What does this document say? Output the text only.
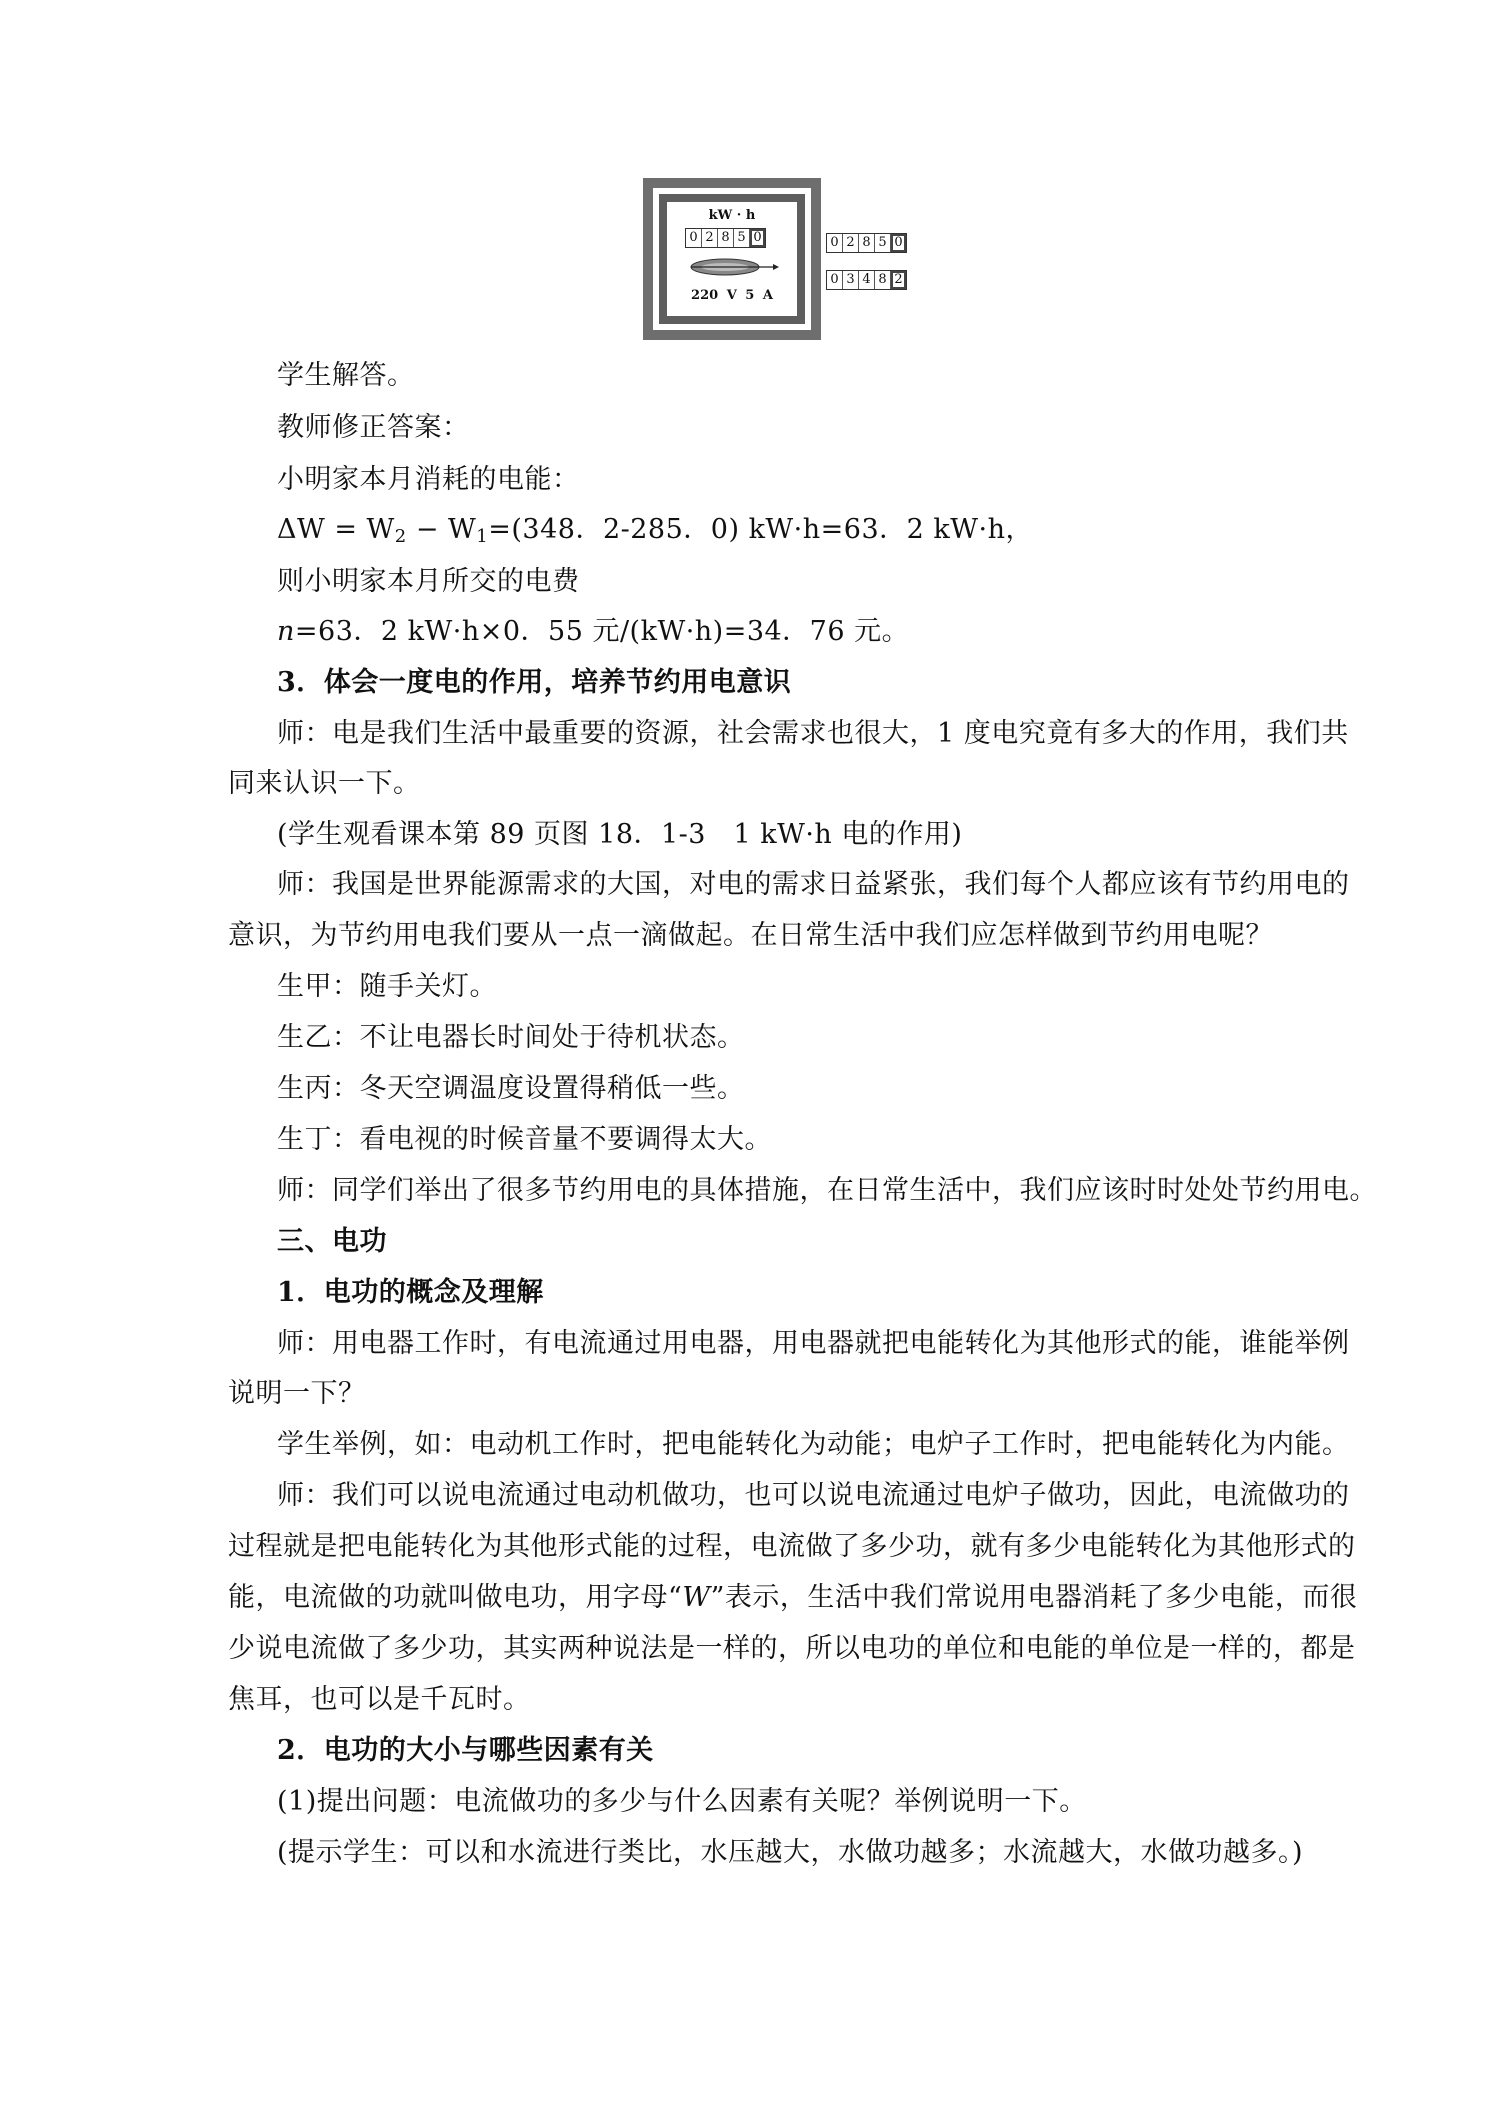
kW · h
0 2 8 5 0
220 V 5 A
0 2 8 5 0
0 3 4 8 2
学生解答。
教师修正答案：
小明家本月消耗的电能：
$\Delta W = W_2 - W_1=(348$．2-285．0) kW·h=63．2 kW·h，
则小明家本月所交的电费
n=63．2 kW·h×0．55 元/(kW·h)=34．76 元。
3．体会一度电的作用，培养节约用电意识
师：电是我们生活中最重要的资源，社会需求也很大，1 度电究竟有多大的作用，我们共
同来认识一下。
(学生观看课本第 89 页图 18．1-3　1 kW·h 电的作用)
师：我国是世界能源需求的大国，对电的需求日益紧张，我们每个人都应该有节约用电的
意识，为节约用电我们要从一点一滴做起。在日常生活中我们应怎样做到节约用电呢？
生甲：随手关灯。
生乙：不让电器长时间处于待机状态。
生丙：冬天空调温度设置得稍低一些。
生丁：看电视的时候音量不要调得太大。
师：同学们举出了很多节约用电的具体措施，在日常生活中，我们应该时时处处节约用电。
三、电功
1．电功的概念及理解
师：用电器工作时，有电流通过用电器，用电器就把电能转化为其他形式的能，谁能举例
说明一下？
学生举例，如：电动机工作时，把电能转化为动能；电炉子工作时，把电能转化为内能。
师：我们可以说电流通过电动机做功，也可以说电流通过电炉子做功，因此，电流做功的
过程就是把电能转化为其他形式能的过程，电流做了多少功，就有多少电能转化为其他形式的
能，电流做的功就叫做电功，用字母“W”表示，生活中我们常说用电器消耗了多少电能，而很
少说电流做了多少功，其实两种说法是一样的，所以电功的单位和电能的单位是一样的，都是
焦耳，也可以是千瓦时。
2．电功的大小与哪些因素有关
(1)提出问题：电流做功的多少与什么因素有关呢？举例说明一下。
(提示学生：可以和水流进行类比，水压越大，水做功越多；水流越大，水做功越多。)
